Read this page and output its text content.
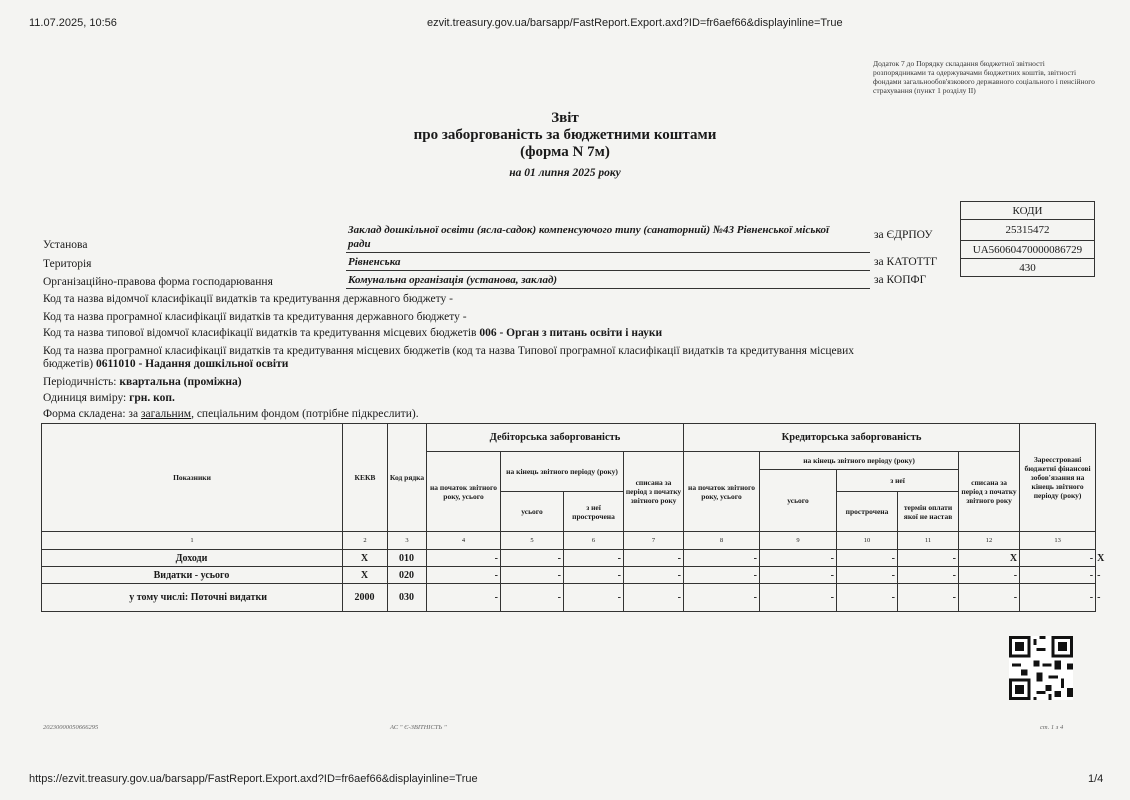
11.07.2025, 10:56	ezvit.treasury.gov.ua/barsapp/FastReport.Export.axd?ID=fr6aef66&displayinline=True
Додаток 7 до Порядку складання бюджетної звітності розпорядниками та одержувачами бюджетних коштів, звітності фондами загальнообов'язкового державного соціального і пенсійного страхування (пункт 1 розділу II)
Звіт
про заборгованість за бюджетними коштами
(форма N 7м)
на 01 липня 2025 року
КОДИ
25315472
UA56060470000086729
430
за ЄДРПОУ
за КАТОТТГ
за КОПФГ
Установа
Заклад дошкільної освіти (ясла-садок) компенсуючого типу (санаторний) №43 Рівненської міської ради
Територія	Рівненська
Організаційно-правова форма господарювання	Комунальна організація (установа, заклад)
Код та назва відомчої класифікації видатків та кредитування державного бюджету -
Код та назва програмної класифікації видатків та кредитування державного бюджету -
Код та назва типової відомчої класифікації видатків та кредитування місцевих бюджетів 006 - Орган з питань освіти і науки
Код та назва програмної класифікації видатків та кредитування місцевих бюджетів (код та назва Типової програмної класифікації видатків та кредитування місцевих бюджетів) 0611010 - Надання дошкільної освіти
Періодичність: квартальна (проміжна)
Одиниця виміру: грн. коп.
Форма складена: за загальним, спеціальним фондом (потрібне підкреслити).
Показники	КЕКВ	Код рядка	Дебіторська заборгованість				Кредиторська заборгованість					Зареєстровані бюджетні фінансові зобов'язання на кінець звітного періоду (року)	
			на початок звітного року, усього	на кінець звітного періоду (року)		списана за період з початку звітного року	на початок звітного року, усього	на кінець звітного періоду (року)			списана за період з початку звітного року		
								усього	з неї				
				усього	з неї прострочена				прострочена	термін оплати якої не настав			
1	2	3	4	5	6	7	8	9	10	11	12	13	
Доходи	Х	010	-	-	-	-	-	-	-	-	Х	-	Х
Видатки - усього	Х	020	-	-	-	-	-	-	-	-	-	-	-
у тому числі: Поточні видатки	2000	030	-	-	-	-	-	-	-	-	-	-	-
20230000050666295	АС " Є-ЗВІТНІСТЬ "	ст. 1 з 4
https://ezvit.treasury.gov.ua/barsapp/FastReport.Export.axd?ID=fr6aef66&displayinline=True	1/4
